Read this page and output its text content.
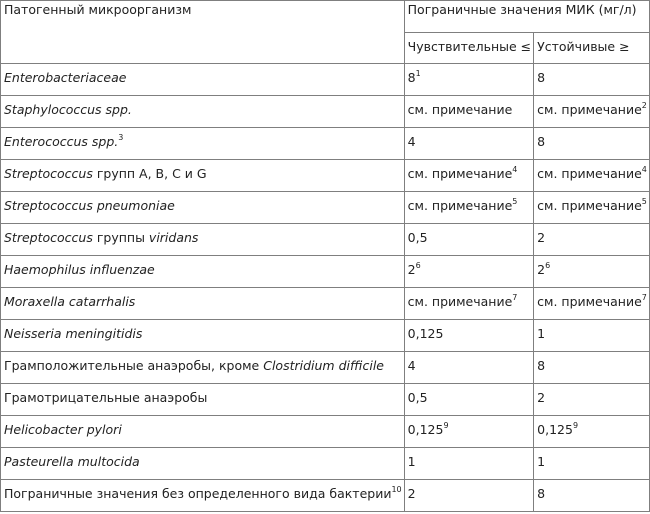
Патогенный микроорганизм	Пограничные значения МИК (мг/л)	
	Чувствительные ≤	Устойчивые ≥
Enterobacteriaceae	$8^1$	8
Staphylococcus spp.	см. примечание	см. примечание$^2$
Enterococcus spp.$^3$	4	8
Streptococcus групп A, B, C и G	см. примечание$^4$	см. примечание$^4$
Streptococcus pneumoniae	см. примечание$^5$	см. примечание$^5$
Streptococcus группы viridans	0,5	2
Haemophilus influenzae	$2^6$	$2^6$
Moraxella catarrhalis	см. примечание$^7$	см. примечание$^7$
Neisseria meningitidis	0,125	1
Грамположительные анаэробы, кроме Clostridium difficile	4	8
Грамотрицательные анаэробы	0,5	2
Helicobacter pylori	0,125$^9$	0,125$^9$
Pasteurella multocida	1	1
Пограничные значения без определенного вида бактерии$^{10}$	2	8
